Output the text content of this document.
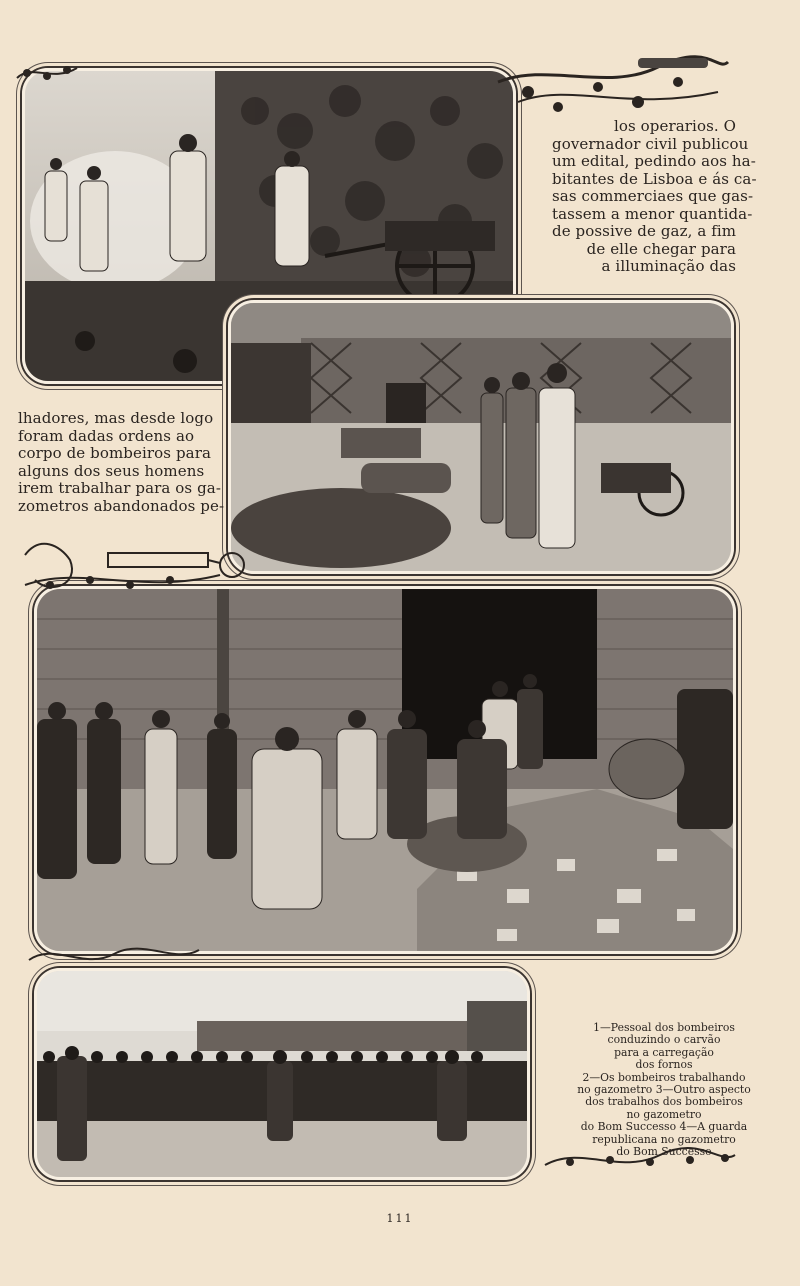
los operarios. O
governador civil publicou
um edital, pedindo aos ha-
bitantes de Lisboa e ás ca-
sas commerciaes que gas-
tassem a menor quantida-
de possive de gaz, a fim
de elle chegar para
a illuminação das
lhadores, mas desde logo
foram dadas ordens ao
corpo de bombeiros para
alguns dos seus homens
irem trabalhar para os ga-
zometros abandonados pe-
1—Pessoal dos bombeiros
conduzindo o carvão
para a carregação
dos fornos
2—Os bombeiros trabalhando
no gazometro 3—Outro aspecto
dos trabalhos dos bombeiros
no gazometro
do Bom Successo 4—A guarda
republicana no gazometro
do Bom Successo
111
